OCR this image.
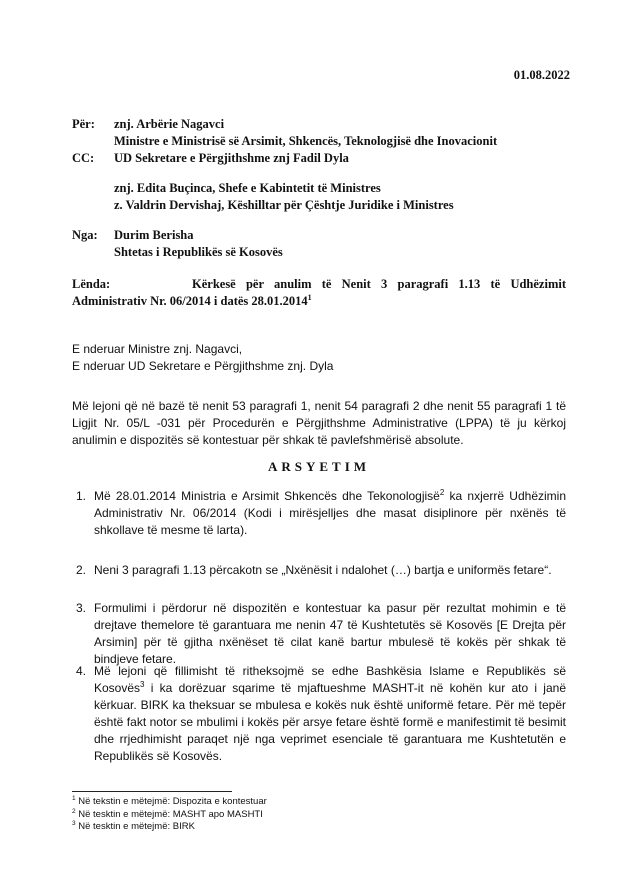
01.08.2022
Për:	znj. Arbërie Nagavci
Ministre e Ministrisë së Arsimit, Shkencës, Teknologjisë dhe Inovacionit
CC:	UD Sekretare e Përgjithshme znj Fadil Dyla
znj. Edita Buçinca, Shefe e Kabintetit të Ministres
z. Valdrin Dervishaj, Këshilltar për Çështje Juridike i Ministres
Nga:	Durim Berisha
Shtetas i Republikës së Kosovës
Lënda:	Kërkesë për anulim të Nenit 3 paragrafi 1.13 të Udhëzimit Administrativ Nr. 06/2014 i datës 28.01.2014$^1$
E nderuar Ministre znj. Nagavci,
E nderuar UD Sekretare e Përgjithshme znj. Dyla
Më lejoni që në bazë të nenit 53 paragrafi 1, nenit 54 paragrafi 2 dhe nenit 55 paragrafi 1 të Ligjit Nr. 05/L -031 për Procedurën e Përgjithshme Administrative (LPPA) të ju kërkoj anulimin e dispozitës së kontestuar për shkak të pavlefshmërisë absolute.
ARSYETIM
1. Më 28.01.2014 Ministria e Arsimit Shkencës dhe Tekonologjisë$^2$ ka nxjerrë Udhëzimin Administrativ Nr. 06/2014 (Kodi i mirësjelljes dhe masat disiplinore për nxënës të shkollave të mesme të larta).
2. Neni 3 paragrafi 1.13 përcakotn se „Nxënësit i ndalohet (…) bartja e uniformës fetare“.
3. Formulimi i përdorur në dispozitën e kontestuar ka pasur për rezultat mohimin e të drejtave themelore të garantuara me nenin 47 të Kushtetutës së Kosovës [E Drejta për Arsimin] për të gjitha nxënëset të cilat kanë bartur mbulesë të kokës për shkak të bindjeve fetare.
4. Më lejoni që fillimisht të ritheksojmë se edhe Bashkësia Islame e Republikës së Kosovës$^3$ i ka dorëzuar sqarime të mjaftueshme MASHT-it në kohën kur ato i janë kërkuar. BIRK ka theksuar se mbulesa e kokës nuk është uniformë fetare. Për më tepër është fakt notor se mbulimi i kokës për arsye fetare është formë e manifestimit të besimit dhe rrjedhimisht paraqet një nga veprimet esenciale të garantuara me Kushtetutën e Republikës së Kosovës.
$^1$ Në tekstin e mëtejmë: Dispozita e kontestuar
$^2$ Në tesktin e mëtejmë: MASHT apo MASHTI
$^3$ Në tesktin e mëtejmë: BIRK
